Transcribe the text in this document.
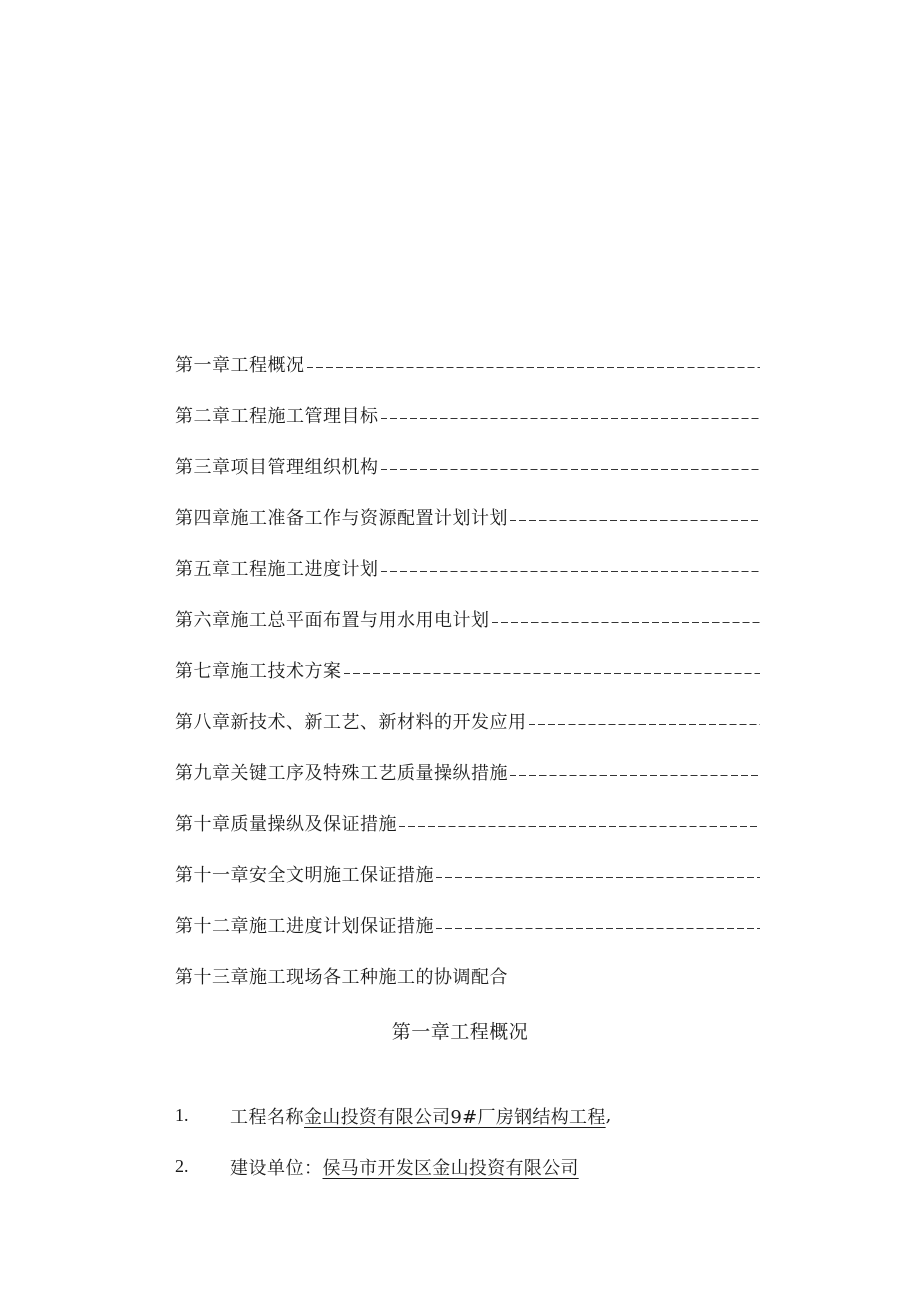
第一章工程概况
第二章工程施工管理目标
第三章项目管理组织机构
第四章施工准备工作与资源配置计划计划
第五章工程施工进度计划
第六章施工总平面布置与用水用电计划
第七章施工技术方案
第八章新技术、新工艺、新材料的开发应用
第九章关键工序及特殊工艺质量操纵措施
第十章质量操纵及保证措施
第十一章安全文明施工保证措施
第十二章施工进度计划保证措施
第十三章施工现场各工种施工的协调配合
第一章工程概况
1.	工程名称 金山投资有限公司9#厂房钢结构工程 ,
2.	建设单位： 侯马市开发区金山投资有限公司
